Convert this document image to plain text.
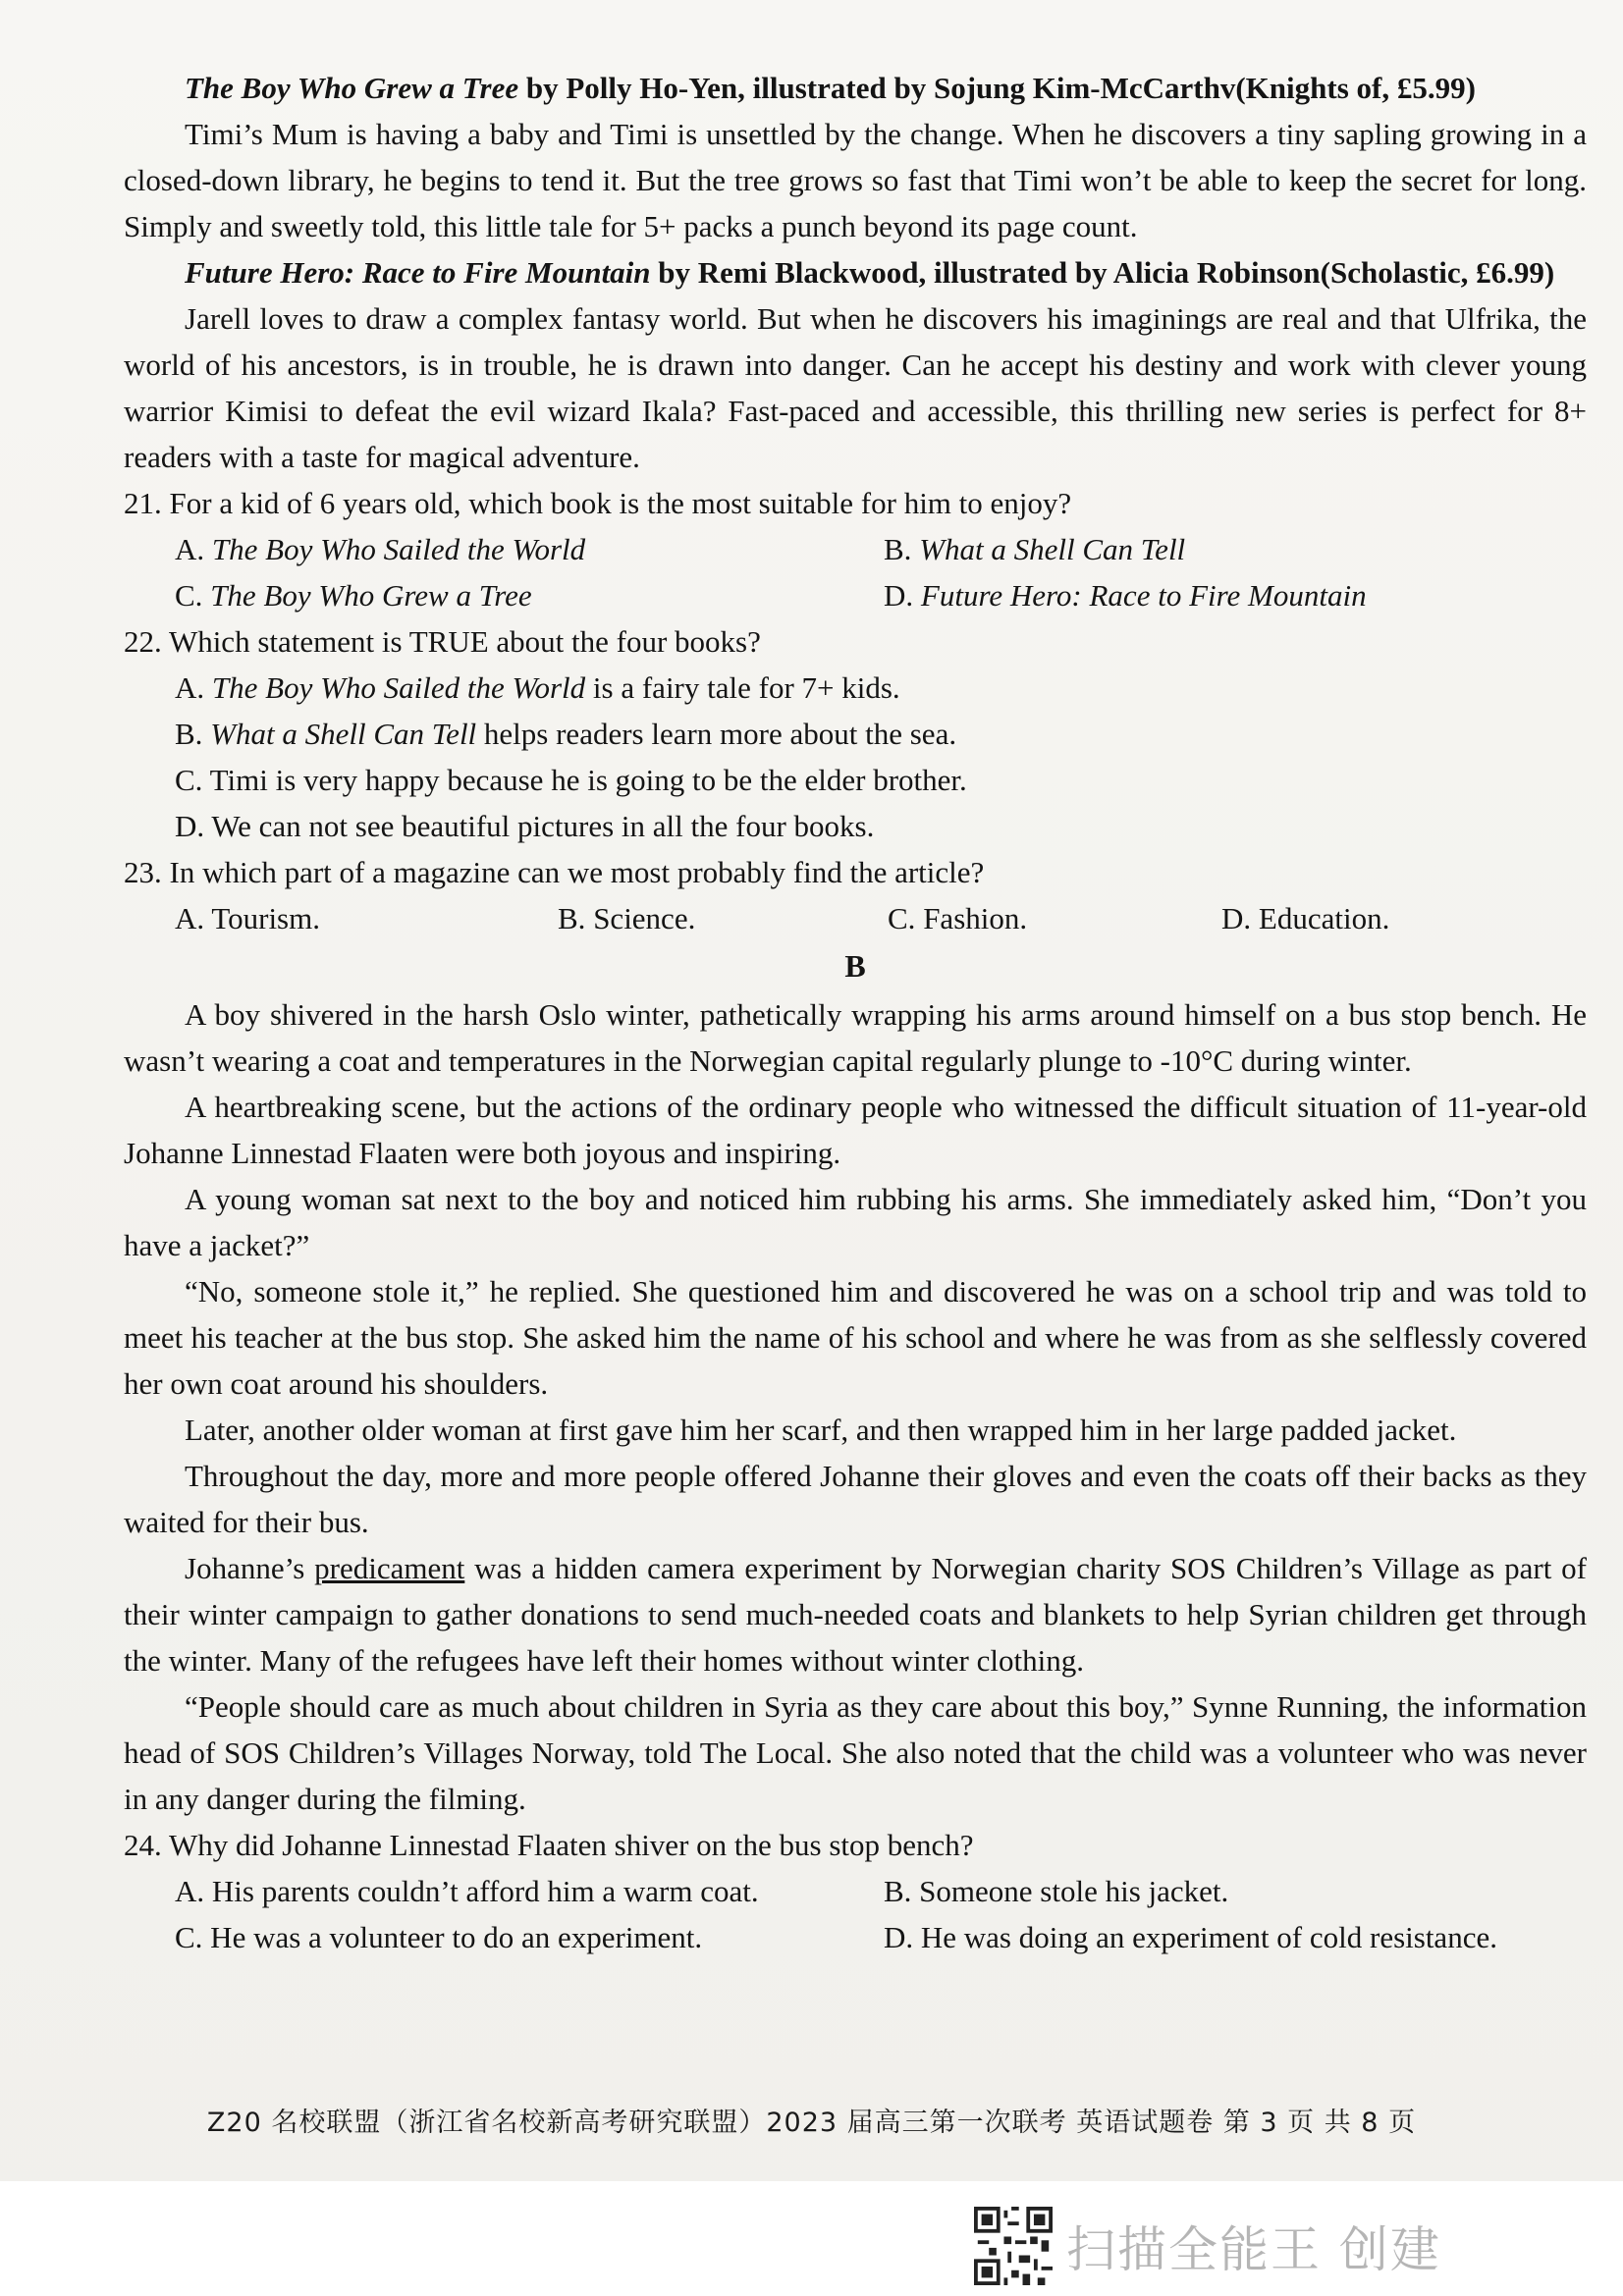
The Boy Who Grew a Tree by Polly Ho-Yen, illustrated by Sojung Kim-McCarthv(Knights of, £5.99)

Timi’s Mum is having a baby and Timi is unsettled by the change. When he discovers a tiny sapling growing in a closed-down library, he begins to tend it. But the tree grows so fast that Timi won’t be able to keep the secret for long. Simply and sweetly told, this little tale for 5+ packs a punch beyond its page count.

Future Hero: Race to Fire Mountain by Remi Blackwood, illustrated by Alicia Robinson(Scholastic, £6.99)

Jarell loves to draw a complex fantasy world. But when he discovers his imaginings are real and that Ulfrika, the world of his ancestors, is in trouble, he is drawn into danger. Can he accept his destiny and work with clever young warrior Kimisi to defeat the evil wizard Ikala? Fast-paced and accessible, this thrilling new series is perfect for 8+ readers with a taste for magical adventure.

21. For a kid of 6 years old, which book is the most suitable for him to enjoy?

A. The Boy Who Sailed the World	B. What a Shell Can Tell
C. The Boy Who Grew a Tree	D. Future Hero: Race to Fire Mountain

22. Which statement is TRUE about the four books?

A. The Boy Who Sailed the World is a fairy tale for 7+ kids.
B. What a Shell Can Tell helps readers learn more about the sea.
C. Timi is very happy because he is going to be the elder brother.
D. We can not see beautiful pictures in all the four books.

23. In which part of a magazine can we most probably find the article?

A. Tourism.	B. Science.	C. Fashion.	D. Education.
B

A boy shivered in the harsh Oslo winter, pathetically wrapping his arms around himself on a bus stop bench. He wasn’t wearing a coat and temperatures in the Norwegian capital regularly plunge to -10°C during winter.

A heartbreaking scene, but the actions of the ordinary people who witnessed the difficult situation of 11-year-old Johanne Linnestad Flaaten were both joyous and inspiring.

A young woman sat next to the boy and noticed him rubbing his arms. She immediately asked him, “Don’t you have a jacket?”

“No, someone stole it,” he replied. She questioned him and discovered he was on a school trip and was told to meet his teacher at the bus stop. She asked him the name of his school and where he was from as she selflessly covered her own coat around his shoulders.

Later, another older woman at first gave him her scarf, and then wrapped him in her large padded jacket.

Throughout the day, more and more people offered Johanne their gloves and even the coats off their backs as they waited for their bus.

Johanne’s predicament was a hidden camera experiment by Norwegian charity SOS Children’s Village as part of their winter campaign to gather donations to send much-needed coats and blankets to help Syrian children get through the winter. Many of the refugees have left their homes without winter clothing.

“People should care as much about children in Syria as they care about this boy,” Synne Running, the information head of SOS Children’s Villages Norway, told The Local. She also noted that the child was a volunteer who was never in any danger during the filming.

24. Why did Johanne Linnestad Flaaten shiver on the bus stop bench?

A. His parents couldn’t afford him a warm coat.	B. Someone stole his jacket.
C. He was a volunteer to do an experiment.	D. He was doing an experiment of cold resistance.
Z20 名校联盟（浙江省名校新高考研究联盟）2023 届高三第一次联考 英语试题卷 第 3 页 共 8 页
扫描全能王 创建
